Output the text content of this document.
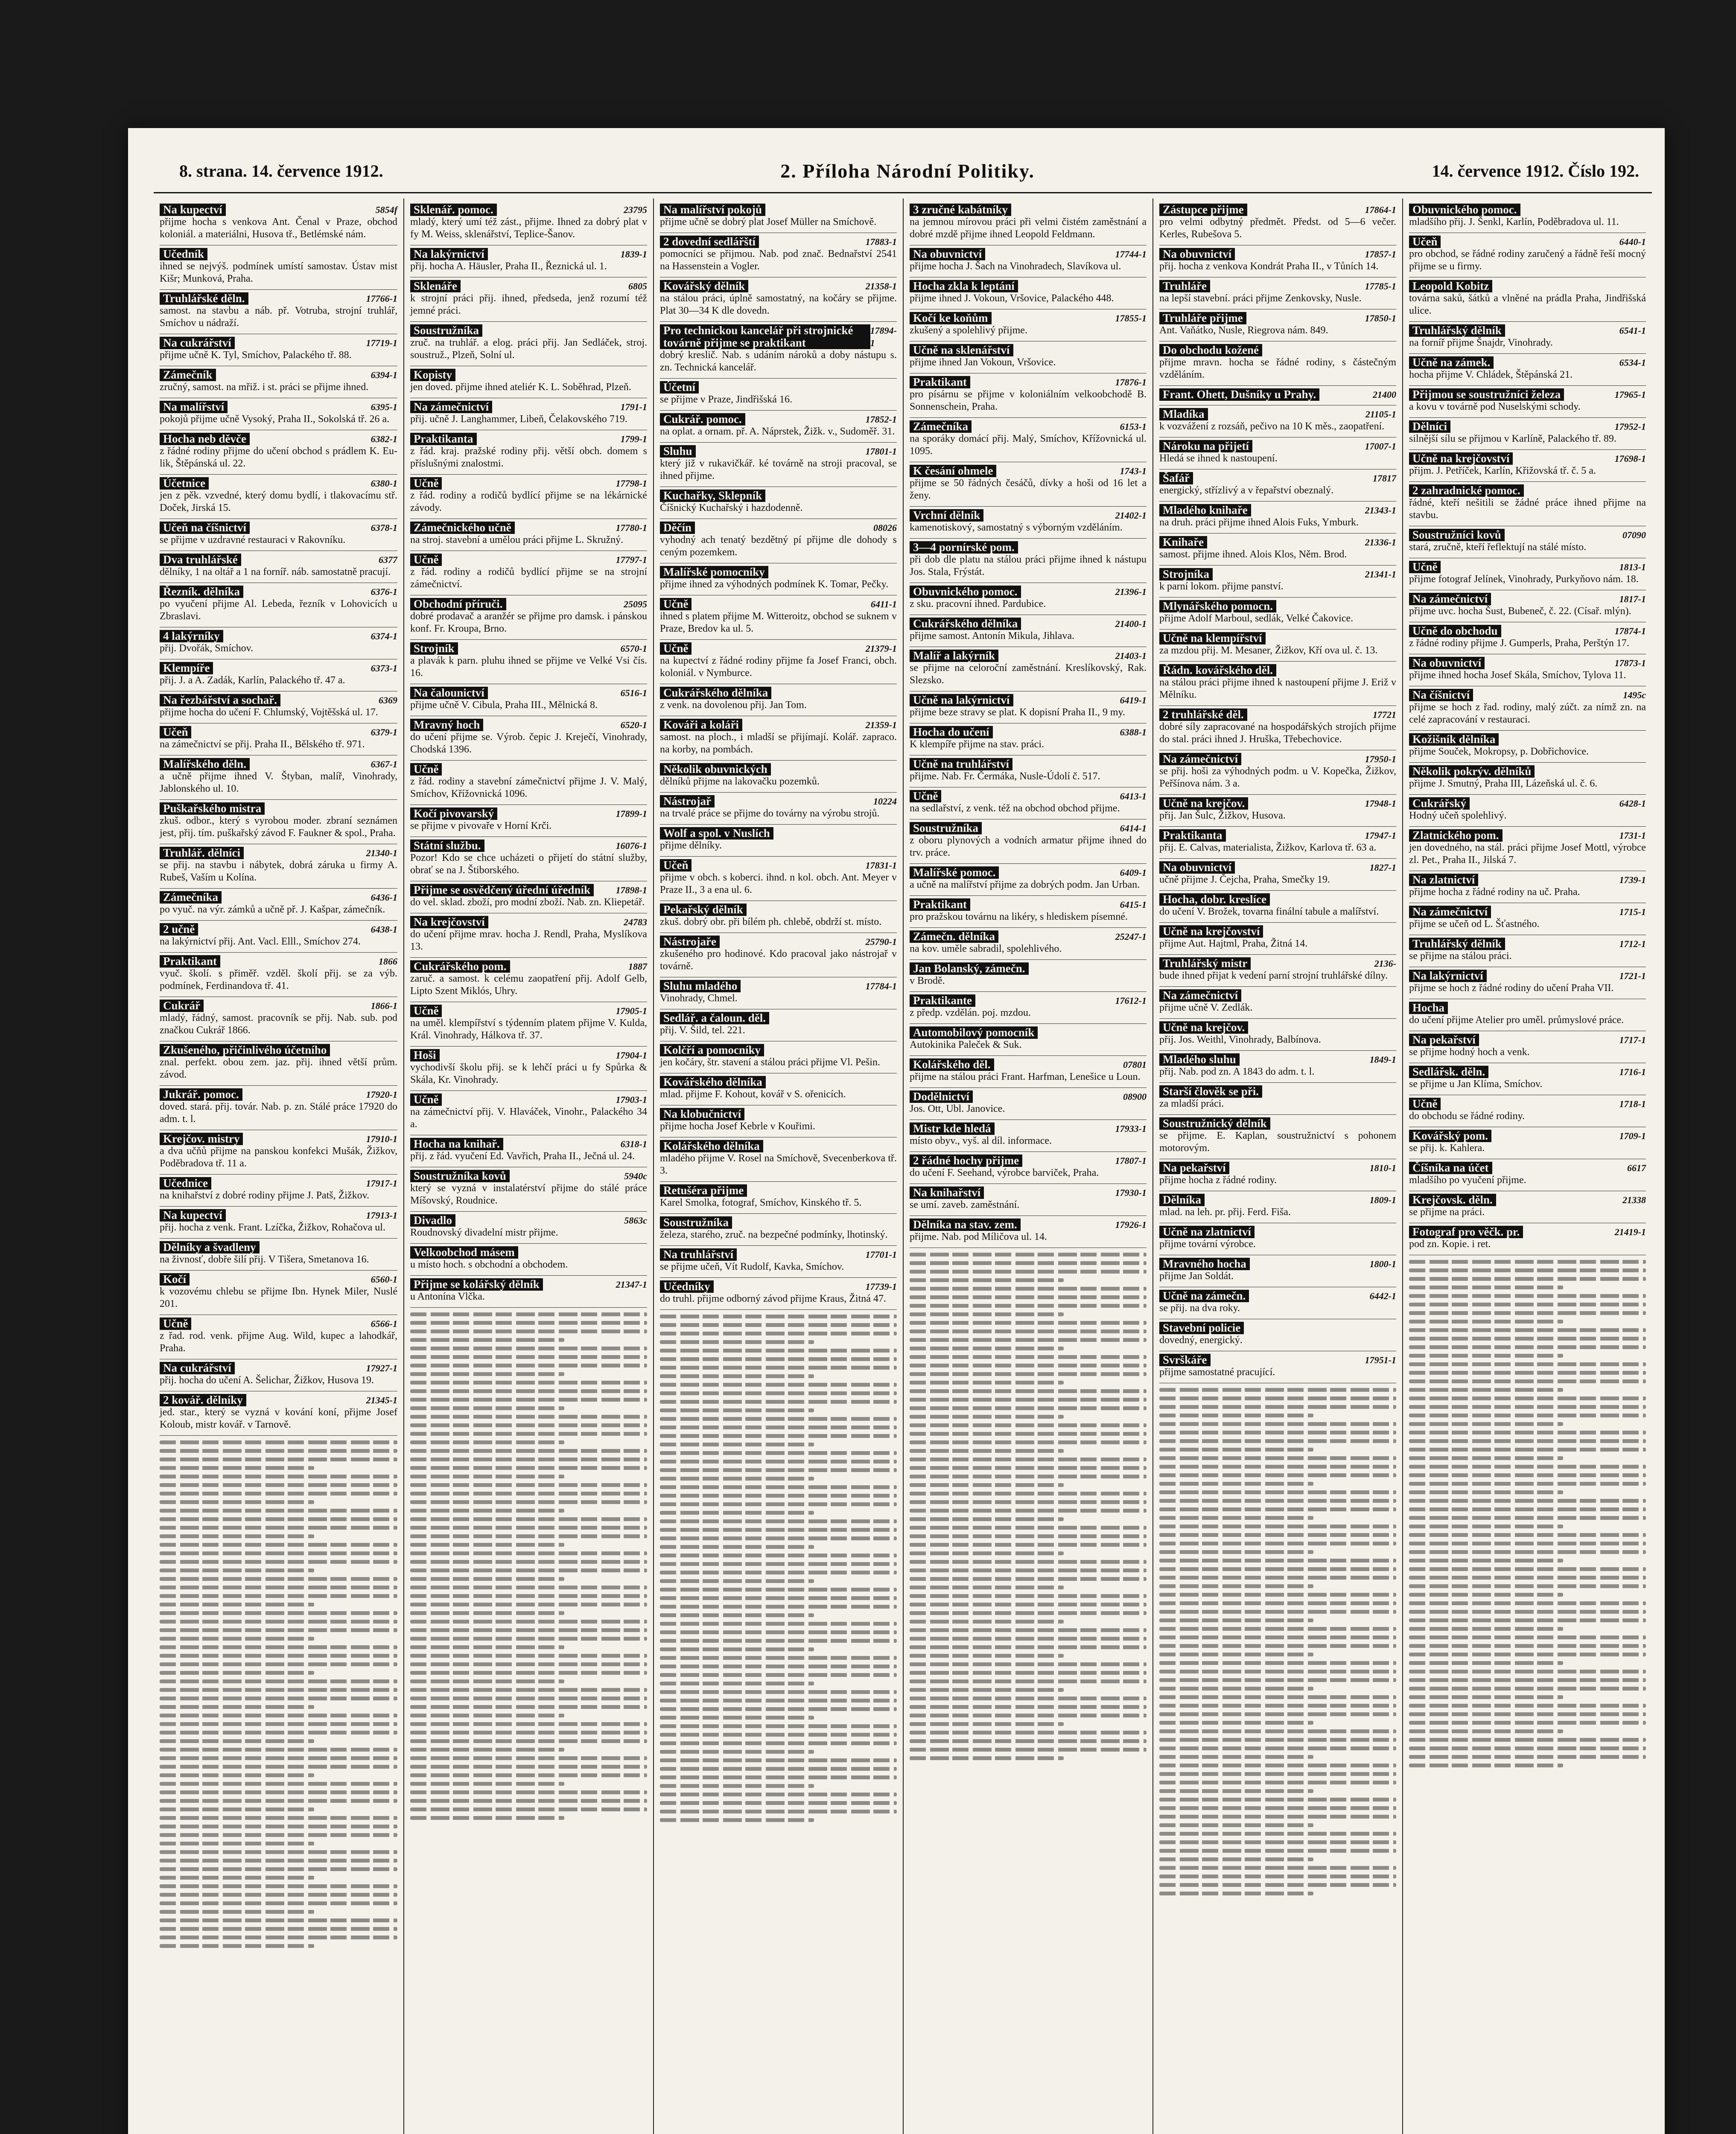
8. strana. 14. července 1912.	2. Příloha Národní Politiky.	14. července 1912. Číslo 192.
Na kupectví	5854f
přijme hocha s venkova Ant. Čenal v Praze, obchod koloniál. a materiálni, Husova tř., Betlémské nám.
Učedník
ihned se nejvýš. podmínek umístí samostav. Ústav mist Kišr; Munková, Praha.
Truhlářské děln.	17766-1
samost. na stavbu a náb. př. Votruba, strojní truhlář, Smíchov u nádraží.
Na cukrářství	17719-1
přijme učně K. Tyl, Smíchov, Palackého tř. 88.
Zámečník	6394-1
zručný, samost. na mřiž. i st. práci se přijme ihned.
Na malířství	6395-1
pokojů přijme učně Vysoký, Praha II., Sokolská tř. 26 a.
Hocha neb děvče	6382-1
z řádné rodiny přijme do učení obchod s prádlem K. Eu-lik, Štěpánská ul. 22.
Účetnice	6380-1
jen z pěk. vzvedné, který domu bydlí, i tlakovacímu stř. Doček, Jirská 15.
Učeň na číšnictví	6378-1
se přijme v uzdravné restauraci v Rakovníku.
Dva truhlářské	6377
dělníky, 1 na oltář a 1 na forníř. náb. samostatně pracují.
Řezník. dělníka	6376-1
po vyučení přijme Al. Lebeda, řezník v Lohovicích u Zbraslavi.
4 lakýrníky	6374-1
přij. Dvořák, Smíchov.
Klempíře	6373-1
přij. J. a A. Zadák, Karlín, Palackého tř. 47 a.
Na řezbářství a sochař.	6369
přijme hocha do učení F. Chlumský, Vojtěšská ul. 17.
Učeň	6379-1
na zámečnictví se přij. Praha II., Bělského tř. 971.
Malířského děln.	6367-1
a učně přijme ihned V. Štyban, malíř, Vinohrady, Jablonského ul. 10.
Puškařského mistra
zkuš. odbor., který s vyrobou moder. zbraní seznámen jest, přij. tím. puškařský závod F. Faukner & spol., Praha.
Truhlář. dělníci	21340-1
se přij. na stavbu i nábytek, dobrá záruka u firmy A. Rubeš, Vaším u Kolína.
Zámečníka	6436-1
po vyuč. na výr. zámků a učně př. J. Kašpar, zámečník.
2 učně	6438-1
na lakýrnictví přij. Ant. Vacl. Elll., Smíchov 274.
Praktikant	1866
vyuč. školí. s přiměř. vzděl. školí přij. se za výb. podmínek, Ferdinandova tř. 41.
Cukrář	1866-1
mladý, řádný, samost. pracovník se přij. Nab. sub. pod značkou Cukrář 1866.
Zkušeného, přičinlivého účetního
znal. perfekt. obou zem. jaz. přij. ihned větší prům. závod.
Jukrář. pomoc.	17920-1
doved. stará. přij. továr. Nab. p. zn. Stálé práce 17920 do adm. t. l.
Krejčov. mistry	17910-1
a dva učňů přijme na panskou konfekci Mušák, Žižkov, Poděbradova tř. 11 a.
Učednice	17917-1
na knihařství z dobré rodiny přijme J. Patš, Žižkov.
Na kupectví	17913-1
přij. hocha z venk. Frant. Lzíčka, Žižkov, Rohačova ul.
Dělníky a švadleny
na živnosť, dobře šilí přij. V Tišera, Smetanova 16.
Kočí	6560-1
k vozovému chlebu se přijme Ibn. Hynek Miler, Nuslé 201.
Učně	6566-1
z řad. rod. venk. přijme Aug. Wild, kupec a lahodkář, Praha.
Na cukrářství	17927-1
přij. hocha do učení A. Šelichar, Žižkov, Husova 19.
2 kovář. dělníky	21345-1
jed. star., který se vyzná v kování koní, přijme Josef Koloub, mistr kovář. v Tarnově.
Sklenář. pomoc.	23795
mladý, který umí též zást., přijme. Ihned za dobrý plat v fy M. Weiss, sklenářství, Teplice-Šanov.
Na lakýrnictví	1839-1
přij. hocha A. Häusler, Praha II., Řeznická ul. 1.
Sklenáře	6805
k strojní práci přij. ihned, předseda, jenž rozumí též jemné práci.
Soustružníka
zruč. na truhlář. a elog. práci přij. Jan Sedláček, stroj. soustruž., Plzeň, Solní ul.
Kopisty
jen doved. přijme ihned ateliér K. L. Soběhrad, Plzeň.
Na zámečnictví	1791-1
přij. učně J. Langhammer, Libeň, Čelakovského 719.
Praktikanta	1799-1
z řád. kraj. pražské rodiny přij. větší obch. domem s příslušnými znalostmi.
Učně	17798-1
z řád. rodiny a rodičů bydlící přijme se na lékárnické závody.
Zámečnického učně	17780-1
na stroj. stavební a umělou práci přijme L. Skružný.
Učně	17797-1
z řád. rodiny a rodičů bydlící přijme se na strojní zámečnictví.
Obchodní příruči.	25095
dobré prodavač a aranžér se přijme pro damsk. i pánskou konf. Fr. Kroupa, Brno.
Strojník	6570-1
a plavák k parn. pluhu ihned se přijme ve Velké Vsi čís. 16.
Na čalounictví	6516-1
přijme učně V. Cibula, Praha III., Mělnická 8.
Mravný hoch	6520-1
do učení přijme se. Výrob. čepic J. Kreječí, Vinohrady, Chodská 1396.
Učně
z řád. rodiny a stavební zámečnictví přijme J. V. Malý, Smíchov, Křížovnická 1096.
Kočí pivovarský	17899-1
se přijme v pivovaře v Horní Krči.
Státní službu.	16076-1
Pozor! Kdo se chce ucházeti o přijetí do státní služby, obrať se na J. Štiborského.
Přijme se osvědčený úřední úředník	17898-1
do vel. sklad. zboží, pro modní zboží. Nab. zn. Kliepetář.
Na krejčovství	24783
do učení přijme mrav. hocha J. Rendl, Praha, Myslíkova 13.
Cukrářského pom.	1887
zaruč. a samost. k celému zaopatření přij. Adolf Gelb, Lipto Szent Miklós, Uhry.
Učně	17905-1
na uměl. klempířství s týdenním platem přijme V. Kulda, Král. Vinohrady, Hálkova tř. 37.
Hoši	17904-1
vychodivší školu přij. se k lehčí práci u fy Spůrka & Skála, Kr. Vinohrady.
Učně	17903-1
na zámečnictví přij. V. Hlaváček, Vinohr., Palackého 34 a.
Hocha na knihař.	6318-1
přij. z řád. vyučení Ed. Vavřich, Praha II., Ječná ul. 24.
Soustružníka kovů	5940c
který se vyzná v instalatérství přijme do stálé práce Míšovský, Roudnice.
Divadlo	5863c
Roudnovský divadelní mistr přijme.
Velkoobchod másem
u místo hoch. s obchodní a obchodem.
Přijme se kolářský dělník	21347-1
u Antonína Vlčka.
Na malířství pokojů
přijme učně se dobrý plat Josef Müller na Smíchově.
2 dovední sedlářští	17883-1
pomocníci se přijmou. Nab. pod znač. Bednařství 2541 na Hassenstein a Vogler.
Kovářský dělník	21358-1
na stálou práci, úplně samostatný, na kočáry se přijme. Plat 30—34 K dle dovedn.
Pro technickou kancelář při strojnické továrně přijme se praktikant
17894-1
dobrý kreslič. Nab. s udáním nároků a doby nástupu s. zn. Technická kancelář.
Účetní
se přijme v Praze, Jindřišská 16.
Cukrář. pomoc.	17852-1
na oplat. a ornam. př. A. Náprstek, Žižk. v., Sudoměř. 31.
Sluhu	17801-1
který již v rukavičkář. ké továrně na stroji pracoval, se ihned přijme.
Kuchařky, Sklepník
Číšnický Kuchařský i hazdodenně.
Děčín	08026
vyhodný ach tenatý bezdětný pí přijme dle dohody s ceným pozemkem.
Malířské pomocníky
přijme ihned za výhodných podmínek K. Tomar, Pečky.
Učně	6411-1
ihned s platem přijme M. Witteroitz, obchod se suknem v Praze, Bredov ka ul. 5.
Učně	21379-1
na kupectví z řádné rodiny přijme fa Josef Franci, obch. koloniál. v Nymburce.
Cukrářského dělníka
z venk. na dovolenou přij. Jan Tom.
Kováři a koláři	21359-1
samost. na ploch., i mladší se přijímají. Kolář. zapraco. na korby, na pombách.
Několik obuvnických
dělníků přijme na lakovačku pozemků.
Nástrojař	10224
na trvalé práce se přijme do továrny na výrobu strojů.
Wolf a spol. v Nuslích
přijme dělníky.
Učeň	17831-1
přijme v obch. s koberci. ihnd. n kol. obch. Ant. Meyer v Praze II., 3 a ena ul. 6.
Pekařský dělník
zkuš. dobrý obr. při bílém ph. chlebě, obdrží st. místo.
Nástrojaře	25790-1
zkušeného pro hodinové. Kdo pracoval jako nástrojař v továrně.
Sluhu mladého	17784-1
Vinohrady, Chmel.
Sedlář. a čaloun. děl.
přij. V. Šild, tel. 221.
Kolčří a pomocníky
jen kočáry, štr. stavení a stálou práci přijme Vl. Pešin.
Kovářského dělníka
mlad. přijme F. Kohout, kovář v S. ořenicích.
Na klobučnictví
přijme hocha Josef Kebrle v Kouřimi.
Kolářského dělníka
mladého přijme V. Rosel na Smíchově, Svecenberkova tř. 3.
Retušéra přijme
Karel Smolka, fotograf, Smíchov, Kinského tř. 5.
Soustružníka
železa, starého, zruč. na bezpečné podmínky, lhotinský.
Na truhlářství	17701-1
se přijme učeň, Vít Rudolf, Kavka, Smíchov.
Učedníky	17739-1
do truhl. přijme odborný závod přijme Kraus, Žitná 47.
3 zručné kabátníky
na jemnou mírovou práci při velmi čistém zaměstnání a dobré mzdě přijme ihned Leopold Feldmann.
Na obuvnictví	17744-1
přijme hocha J. Šach na Vinohradech, Slavíkova ul.
Hocha zkla k leptání
přijme ihned J. Vokoun, Vršovice, Palackého 448.
Kočí ke koňům	17855-1
zkušený a spolehlivý přijme.
Učně na sklenářství
přijme ihned Jan Vokoun, Vršovice.
Praktikant	17876-1
pro písárnu se přijme v koloniálním velkoobchodě B. Sonnenschein, Praha.
Zámečníka	6153-1
na sporáky domácí přij. Malý, Smíchov, Křížovnická ul. 1095.
K česání ohmele	1743-1
přijme se 50 řádných česáčů, dívky a hoši od 16 let a ženy.
Vrchní dělník	21402-1
kamenotiskový, samostatný s výborným vzděláním.
3—4 pornírské pom.
při dob dle platu na stálou práci přijme ihned k nástupu Jos. Stala, Frýstát.
Obuvnického pomoc.	21396-1
z sku. pracovní ihned. Pardubice.
Cukrářského dělníka	21400-1
přijme samost. Antonín Mikula, Jihlava.
Malíř a lakýrník	21403-1
se přijme na celoroční zaměstnání. Kreslíkovský, Rak. Slezsko.
Učně na lakýrnictví	6419-1
přijme beze stravy se plat. K dopisní Praha II., 9 my.
Hocha do učení	6388-1
K klempíře přijme na stav. práci.
Učně na truhlářství
přijme. Nab. Fr. Čermáka, Nusle-Údolí č. 517.
Učně	6413-1
na sedlařství, z venk. též na obchod obchod přijme.
Soustružníka	6414-1
z oboru plynových a vodních armatur přijme ihned do trv. práce.
Malířské pomoc.	6409-1
a učně na malířství přijme za dobrých podm. Jan Urban.
Praktikant	6415-1
pro pražskou továrnu na likéry, s hlediskem písemné.
Zámečn. dělníka	25247-1
na kov. uměle sabradil, spolehlivého.
Jan Bolanský, zámečn.
v Brodě.
Praktikante	17612-1
z předp. vzdělán. poj. mzdou.
Automobilový pomocník
Autokinika Paleček & Suk.
Kolářského děl.	07801
přijme na stálou práci Frant. Harfman, Lenešice u Loun.
Dodělnictví	08900
Jos. Ott, Ubl. Janovice.
Mistr kde hledá	17933-1
místo obyv., vyš. al díl. informace.
2 řádné hochy přijme	17807-1
do učení F. Seehand, výrobce barviček, Praha.
Na knihařství	17930-1
se umí. zaveb. zaměstnání.
Dělníka na stav. zem.	17926-1
přijme. Nab. pod Míličova ul. 14.
Zástupce přijme	17864-1
pro velmi odbytný předmět. Předst. od 5—6 večer. Kerles, Rubešova 5.
Na obuvnictví	17857-1
přij. hocha z venkova Kondrát Praha II., v Tůních 14.
Truhláře	17785-1
na lepší stavební. práci přijme Zenkovsky, Nusle.
Truhláře přijme	17850-1
Ant. Vaňátko, Nusle, Riegrova nám. 849.
Do obchodu kožené
přijme mravn. hocha se řádné rodiny, s částečným vzděláním.
Frant. Ohett, Dušníky u Prahy.	21400
Mladíka	21105-1
k vozvážení z rozsáň, pečivo na 10 K měs., zaopatření.
Nároku na přijetí	17007-1
Hledá se ihned k nastoupení.
Šafář	17817
energický, střízlivý a v řepařství obeznalý.
Mladého knihaře	21343-1
na druh. práci přijme ihned Alois Fuks, Ymburk.
Knihaře	21336-1
samost. přijme ihned. Alois Klos, Něm. Brod.
Strojníka	21341-1
k parní lokom. přijme panství.
Mlynářského pomocn.
přijme Adolf Marboul, sedlák, Velké Čakovice.
Učně na klempířství
za mzdou přij. M. Mesaner, Žižkov, Kří ova ul. č. 13.
Řádn. kovářského děl.
na stálou práci přijme ihned k nastoupení přijme J. Eriž v Mělníku.
2 truhlářské děl.	17721
dobré síly zapracované na hospodářských strojích přijme do stal. práci ihned J. Hruška, Třebechovice.
Na zámečnictví	17950-1
se přij. hoši za výhodných podm. u V. Kopečka, Žižkov, Peřšínova nám. 3 a.
Učně na krejčov.	17948-1
přij. Jan Šulc, Žižkov, Husova.
Praktikanta	17947-1
přij. E. Calvas, materialista, Žižkov, Karlova tř. 63 a.
Na obuvnictví	1827-1
učně přijme J. Čejcha, Praha, Smečky 19.
Hocha, dobr. kreslíce
do učení V. Brožek, tovarna finální tabule a malířství.
Učně na krejčovství
přijme Aut. Hajtml, Praha, Žitná 14.
Truhlářský mistr	2136-
bude ihned přijat k vedení parní strojní truhlářské dílny.
Na zámečnictví
přijme učně V. Zedlák.
Učně na krejčov.
přij. Jos. Weithl, Vinohrady, Balbínova.
Mladého sluhu	1849-1
přij. Nab. pod zn. A 1843 do adm. t. l.
Starší člověk se při.
za mladší práci.
Soustružnický dělník
se přijme. E. Kaplan, soustružnictví s pohonem motorovým.
Na pekařství	1810-1
přijme hocha z řádné rodiny.
Dělníka	1809-1
mlad. na leh. pr. přij. Ferd. Fiša.
Učně na zlatnictví
přijme tovární výrobce.
Mravného hocha	1800-1
přijme Jan Soldát.
Učně na zámečn.	6442-1
se přij. na dva roky.
Stavební policie
dovedný, energický.
Svrškáře	17951-1
přijme samostatné pracující.
Obuvnického pomoc.
mladšího přij. J. Šenkl, Karlín, Poděbradova ul. 11.
Učeň	6440-1
pro obchod, se řádné rodiny zaručený a řádně řeší mocný přijme se u firmy.
Leopold Kobitz
továrna saků, šátků a vlněné na prádla Praha, Jindřišská ulice.
Truhlářský dělník	6541-1
na forníř přijme Šnajdr, Vinohrady.
Učně na zámek.	6534-1
hocha přijme V. Chládek, Štěpánská 21.
Přijmou se soustružníci železa	17965-1
a kovu v továrně pod Nuselskými schody.
Dělníci	17952-1
silnější sílu se přijmou v Karlíně, Palackého tř. 89.
Učně na krejčovství	17698-1
přijm. J. Petříček, Karlín, Křižovská tř. č. 5 a.
2 zahradnické pomoc.
řádné, kteří nešitili se žádné práce ihned přijme na stavbu.
Soustružníci kovů	07090
stará, zručně, kteří řeflektují na stálé místo.
Učně	1813-1
přijme fotograf Jelínek, Vinohrady, Purkyňovo nám. 18.
Na zámečnictví	1817-1
přijme uvc. hocha Šust, Bubeneč, č. 22. (Císař. mlýn).
Učně do obchodu	17874-1
z řádné rodiny přijme J. Gumperls, Praha, Perštýn 17.
Na obuvnictví	17873-1
přijme ihned hocha Josef Skála, Smíchov, Tylova 11.
Na číšnictví	1495c
přijme se hoch z řad. rodiny, malý zúčt. za nímž zn. na celé zapracování v restauraci.
Kožišník dělníka
přijme Souček, Mokropsy, p. Dobřichovice.
Několik pokrýv. dělníků
přijme J. Smutný, Praha III, Lázeňská ul. č. 6.
Cukrářský	6428-1
Hodný učeň spolehlivý.
Zlatnického pom.	1731-1
jen dovedného, na stál. práci přijme Josef Mottl, výrobce zl. Pet., Praha II., Jilská 7.
Na zlatnictví	1739-1
přijme hocha z řádné rodiny na uč. Praha.
Na zámečnictví	1715-1
přijme se učeň od L. Šťastného.
Truhlářský dělník	1712-1
se přijme na stálou práci.
Na lakýrnictví	1721-1
přijme se hoch z řádné rodiny do učení Praha VII.
Hocha
do učení přijme Atelier pro uměl. průmyslové práce.
Na pekařství	1717-1
se přijme hodný hoch a venk.
Sedlářsk. děln.	1716-1
se přijme u Jan Klíma, Smíchov.
Učně	1718-1
do obchodu se řádné rodiny.
Kovářský pom.	1709-1
se přij. k. Kahlera.
Číšníka na účet	6617
mladšího po vyučení přijme.
Krejčovsk. děln.	21338
se přijme na práci.
Fotograf pro věčk. pr.	21419-1
pod zn. Kopie. i ret.
